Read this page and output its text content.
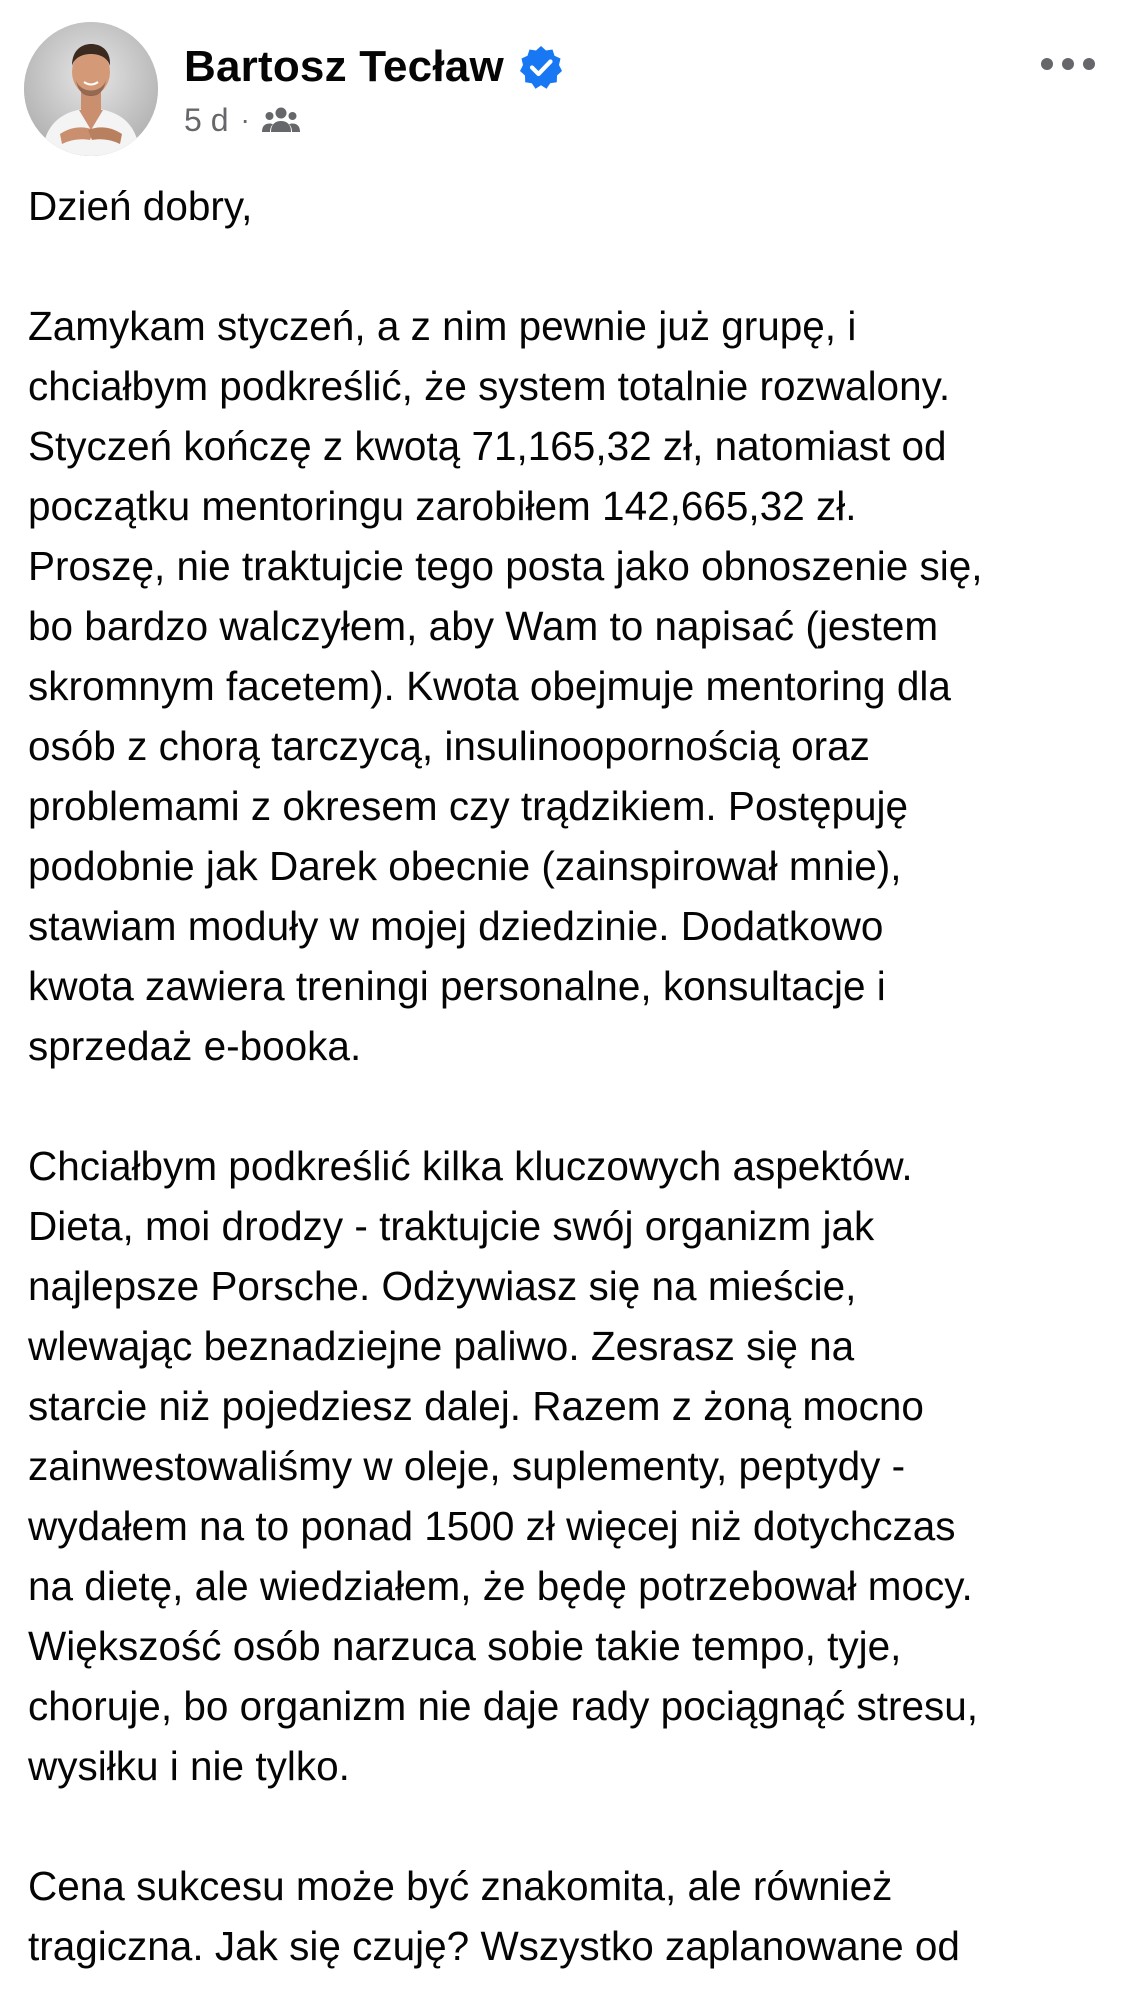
Bartosz Tecław
5 d ·
Dzień dobry,
Zamykam styczeń, a z nim pewnie już grupę, i
chciałbym podkreślić, że system totalnie rozwalony.
Styczeń kończę z kwotą 71,165,32 zł, natomiast od
początku mentoringu zarobiłem 142,665,32 zł.
Proszę, nie traktujcie tego posta jako obnoszenie się,
bo bardzo walczyłem, aby Wam to napisać (jestem
skromnym facetem). Kwota obejmuje mentoring dla
osób z chorą tarczycą, insulinoopornością oraz
problemami z okresem czy trądzikiem. Postępuję
podobnie jak Darek obecnie (zainspirował mnie),
stawiam moduły w mojej dziedzinie. Dodatkowo
kwota zawiera treningi personalne, konsultacje i
sprzedaż e-booka.
Chciałbym podkreślić kilka kluczowych aspektów.
Dieta, moi drodzy - traktujcie swój organizm jak
najlepsze Porsche. Odżywiasz się na mieście,
wlewając beznadziejne paliwo. Zesrasz się na
starcie niż pojedziesz dalej. Razem z żoną mocno
zainwestowaliśmy w oleje, suplementy, peptydy -
wydałem na to ponad 1500 zł więcej niż dotychczas
na dietę, ale wiedziałem, że będę potrzebował mocy.
Większość osób narzuca sobie takie tempo, tyje,
choruje, bo organizm nie daje rady pociągnąć stresu,
wysiłku i nie tylko.
Cena sukcesu może być znakomita, ale również
tragiczna. Jak się czuję? Wszystko zaplanowane od
